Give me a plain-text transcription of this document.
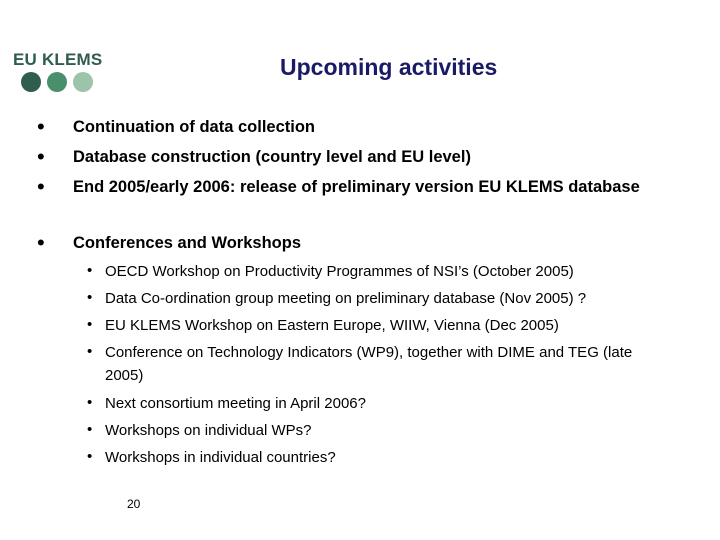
EU KLEMS	Upcoming activities
• Continuation of data collection
• Database construction (country level and EU level)
• End 2005/early 2006: release of preliminary version EU KLEMS database
• Conferences and Workshops
• OECD Workshop on Productivity Programmes of NSI’s (October 2005)
• Data Co-ordination group meeting on preliminary database (Nov 2005) ?
• EU KLEMS Workshop on Eastern Europe, WIIW, Vienna (Dec 2005)
• Conference on Technology Indicators (WP9), together with DIME and TEG (late 2005)
• Next consortium meeting in April 2006?
• Workshops on individual WPs?
• Workshops in individual countries?
20
